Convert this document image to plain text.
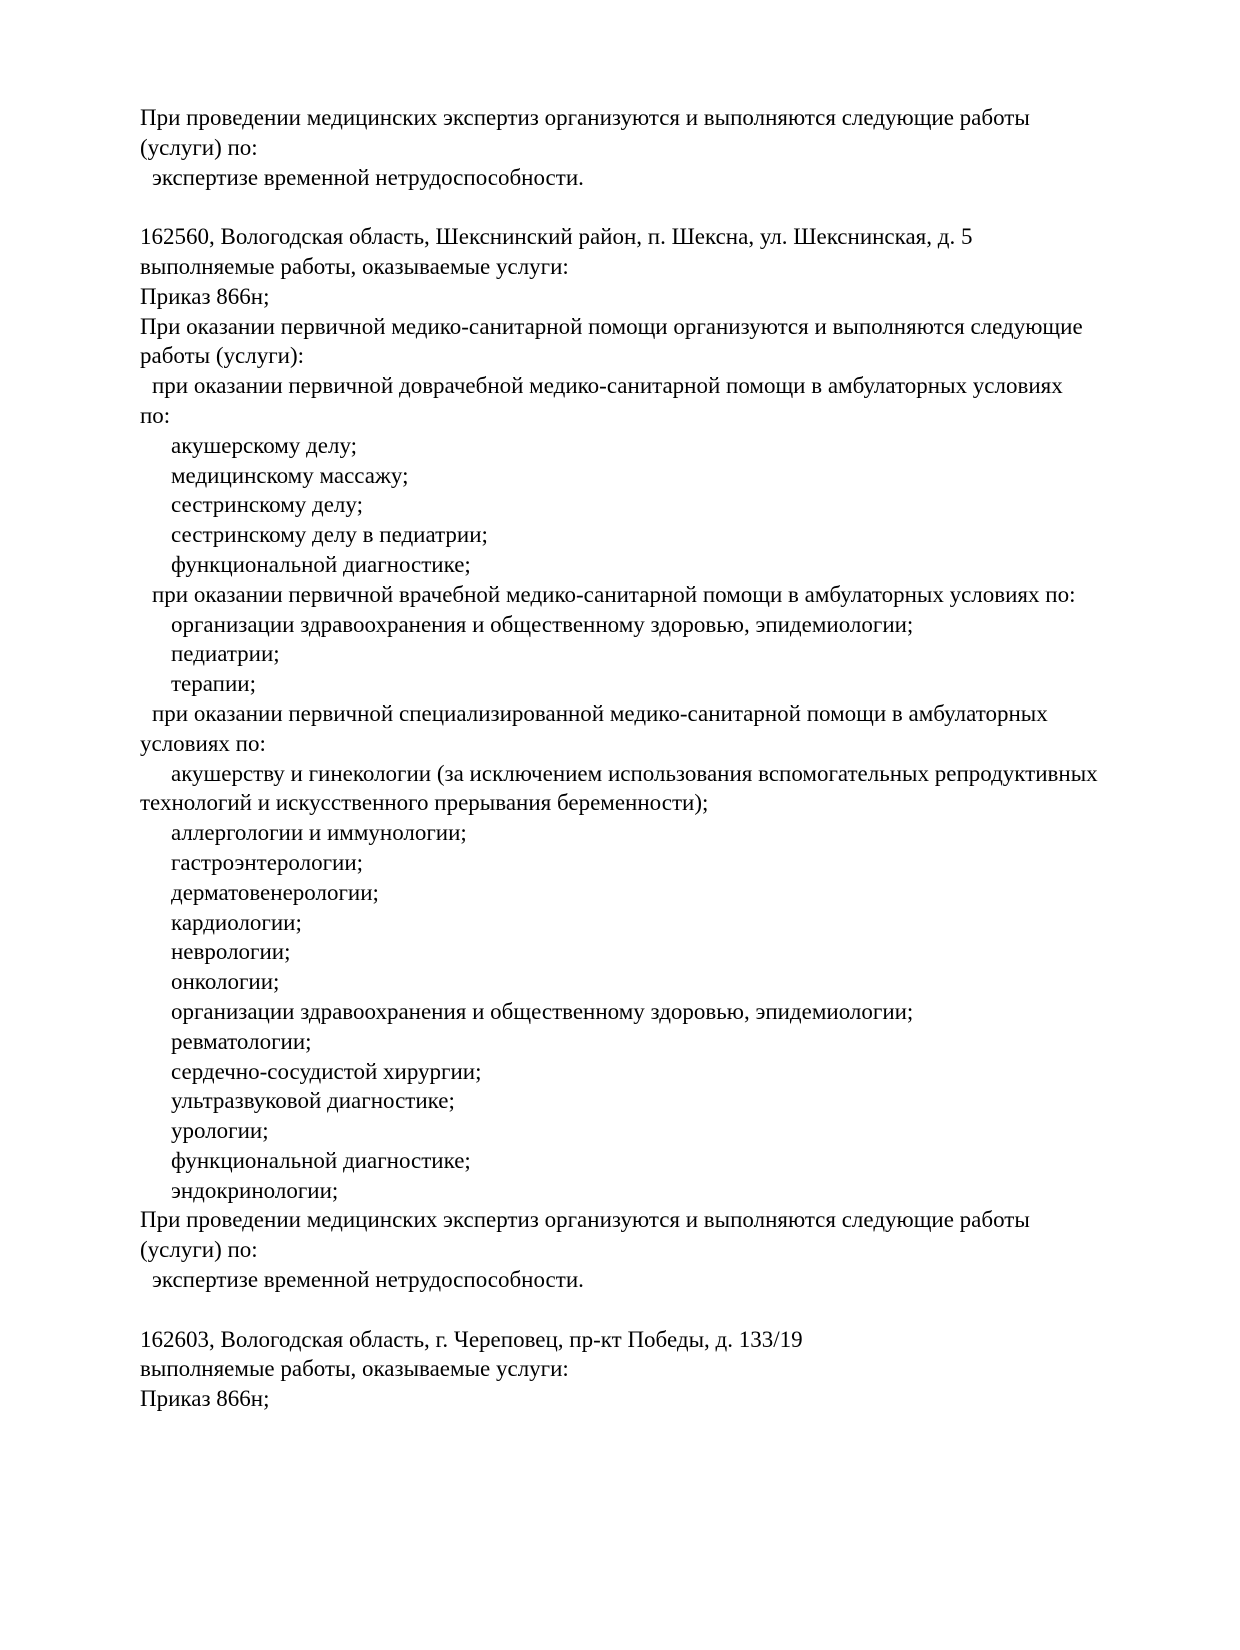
При проведении медицинских экспертиз организуются и выполняются следующие работы
(услуги) по:
экспертизе временной нетрудоспособности.

162560, Вологодская область, Шекснинский район, п. Шексна, ул. Шекснинская, д. 5
выполняемые работы, оказываемые услуги:
Приказ 866н;
При оказании первичной медико-санитарной помощи организуются и выполняются следующие
работы (услуги):
при оказании первичной доврачебной медико-санитарной помощи в амбулаторных условиях
по:
акушерскому делу;
медицинскому массажу;
сестринскому делу;
сестринскому делу в педиатрии;
функциональной диагностике;
при оказании первичной врачебной медико-санитарной помощи в амбулаторных условиях по:
организации здравоохранения и общественному здоровью, эпидемиологии;
педиатрии;
терапии;
при оказании первичной специализированной медико-санитарной помощи в амбулаторных
условиях по:
акушерству и гинекологии (за исключением использования вспомогательных репродуктивных
технологий и искусственного прерывания беременности);
аллергологии и иммунологии;
гастроэнтерологии;
дерматовенерологии;
кардиологии;
неврологии;
онкологии;
организации здравоохранения и общественному здоровью, эпидемиологии;
ревматологии;
сердечно-сосудистой хирургии;
ультразвуковой диагностике;
урологии;
функциональной диагностике;
эндокринологии;
При проведении медицинских экспертиз организуются и выполняются следующие работы
(услуги) по:
экспертизе временной нетрудоспособности.

162603, Вологодская область, г. Череповец, пр-кт Победы, д. 133/19
выполняемые работы, оказываемые услуги:
Приказ 866н;
